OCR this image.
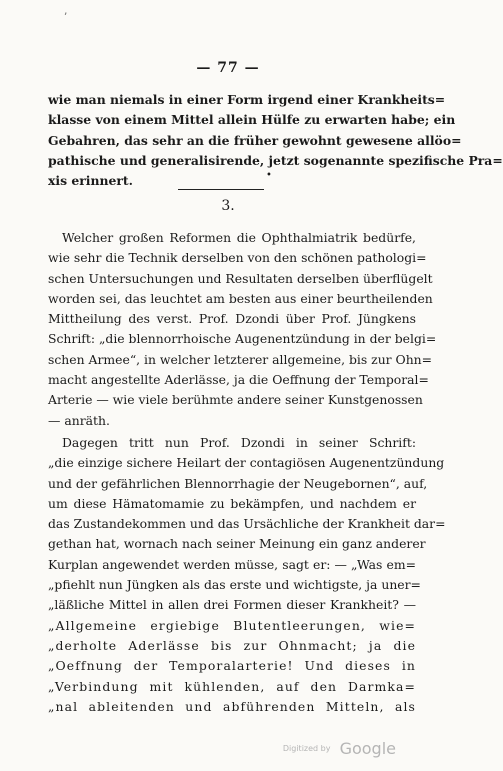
’
— 77 —
wie man niemals in einer Form irgend einer Krankheits=
klasse von einem Mittel allein Hülfe zu erwarten habe; ein
Gebahren, das sehr an die früher gewohnt gewesene allöo=
pathische und generalisirende, jetzt sogenannte spezifische Pra=
xis erinnert.	•
3.
Welcher großen Reformen die Ophthalmiatrik bedürfe,
wie sehr die Technik derselben von den schönen pathologi=
schen Untersuchungen und Resultaten derselben überflügelt
worden sei, das leuchtet am besten aus einer beurtheilenden
Mittheilung des verst. Prof. Dzondi über Prof. Jüngkens
Schrift: „die blennorrhoische Augenentzündung in der belgi=
schen Armee“, in welcher letzterer allgemeine, bis zur Ohn=
macht angestellte Aderlässe, ja die Oeffnung der Temporal=
Arterie — wie viele berühmte andere seiner Kunstgenossen
— anräth.
Dagegen tritt nun Prof. Dzondi in seiner Schrift:
„die einzige sichere Heilart der contagiösen Augenentzündung
und der gefährlichen Blennorrhagie der Neugebornen“, auf,
um diese Hämatomamie zu bekämpfen, und nachdem er
das Zustandekommen und das Ursächliche der Krankheit dar=
gethan hat, wornach nach seiner Meinung ein ganz anderer
Kurplan angewendet werden müsse, sagt er: — „Was em=
„pfiehlt nun Jüngken als das erste und wichtigste, ja uner=
„läßliche Mittel in allen drei Formen dieser Krankheit? —
„Allgemeine ergiebige Blutentleerungen, wie=
„derholte Aderlässe bis zur Ohnmacht; ja die
„Oeffnung der Temporalarterie! Und dieses in
„Verbindung mit kühlenden, auf den Darmka=
„nal ableitenden und abführenden Mitteln, als
Digitized by Google
